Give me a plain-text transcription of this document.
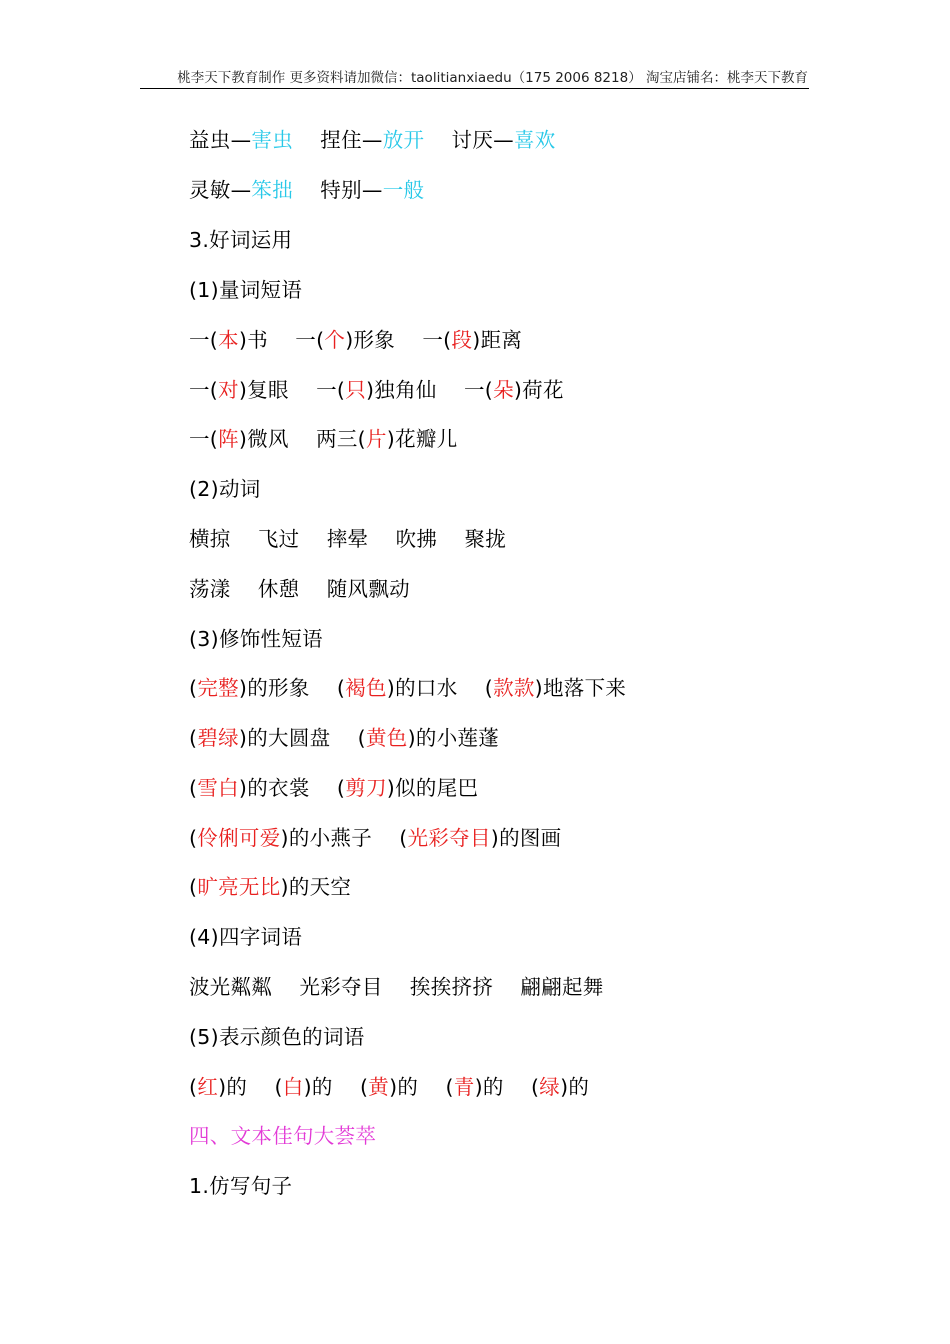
桃李天下教育制作 更多资料请加微信：taolitianxiaedu（175 2006 8218） 淘宝店铺名：桃李天下教育
益虫—害虫    捏住—放开    讨厌—喜欢
灵敏—笨拙    特别—一般
3.好词运用
(1)量词短语
一(本)书    一(个)形象    一(段)距离
一(对)复眼    一(只)独角仙    一(朵)荷花
一(阵)微风    两三(片)花瓣儿
(2)动词
横掠    飞过    摔晕    吹拂    聚拢
荡漾    休憩    随风飘动
(3)修饰性短语
(完整)的形象    (褐色)的口水    (款款)地落下来
(碧绿)的大圆盘    (黄色)的小莲蓬
(雪白)的衣裳    (剪刀)似的尾巴
(伶俐可爱)的小燕子    (光彩夺目)的图画
(旷亮无比)的天空
(4)四字词语
波光粼粼    光彩夺目    挨挨挤挤    翩翩起舞
(5)表示颜色的词语
(红)的    (白)的    (黄)的    (青)的    (绿)的
四、文本佳句大荟萃
1.仿写句子
